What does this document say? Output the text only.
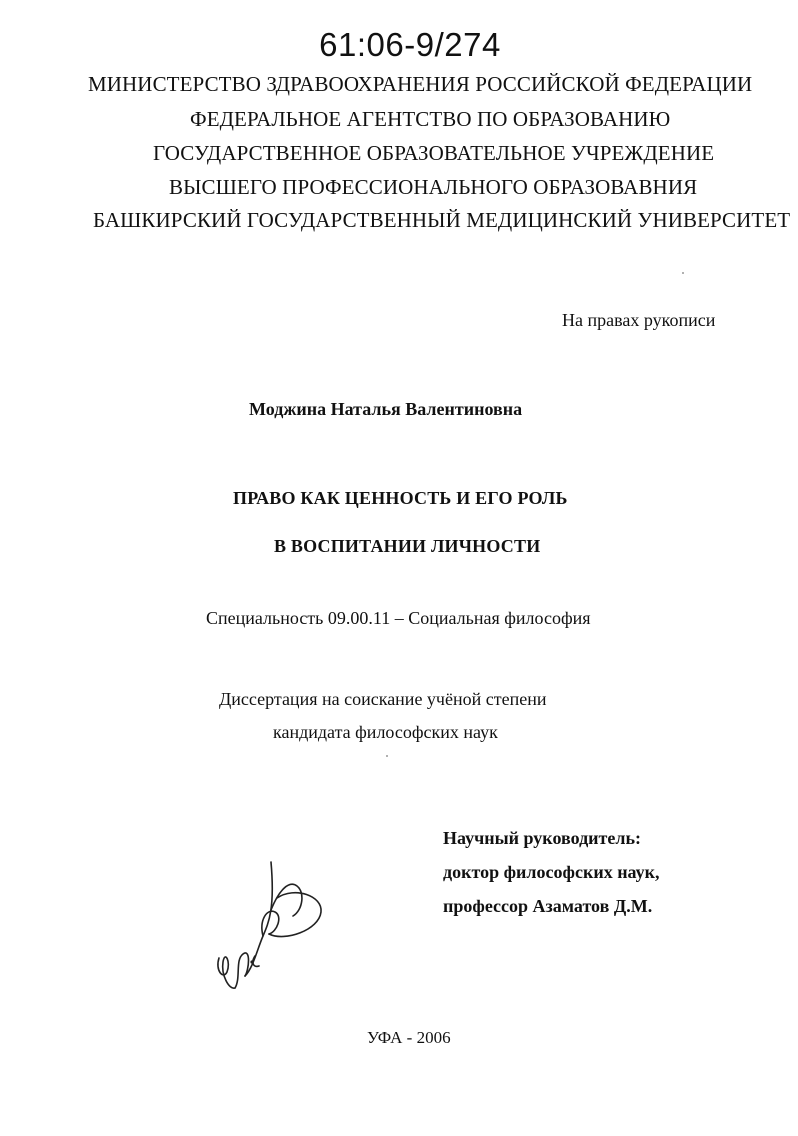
61:06-9/274
МИНИСТЕРСТВО ЗДРАВООХРАНЕНИЯ РОССИЙСКОЙ ФЕДЕРАЦИИ
ФЕДЕРАЛЬНОЕ АГЕНТСТВО ПО ОБРАЗОВАНИЮ
ГОСУДАРСТВЕННОЕ ОБРАЗОВАТЕЛЬНОЕ УЧРЕЖДЕНИЕ
ВЫСШЕГО ПРОФЕССИОНАЛЬНОГО ОБРАЗОВАВНИЯ
БАШКИРСКИЙ ГОСУДАРСТВЕННЫЙ МЕДИЦИНСКИЙ УНИВЕРСИТЕТ
На правах рукописи
Моджина Наталья Валентиновна
ПРАВО КАК ЦЕННОСТЬ И ЕГО РОЛЬ
В ВОСПИТАНИИ ЛИЧНОСТИ
Специальность 09.00.11 – Социальная философия
Диссертация на соискание учёной степени
кандидата философских наук
Научный руководитель:
доктор философских наук,
профессор Азаматов Д.М.
УФА - 2006
